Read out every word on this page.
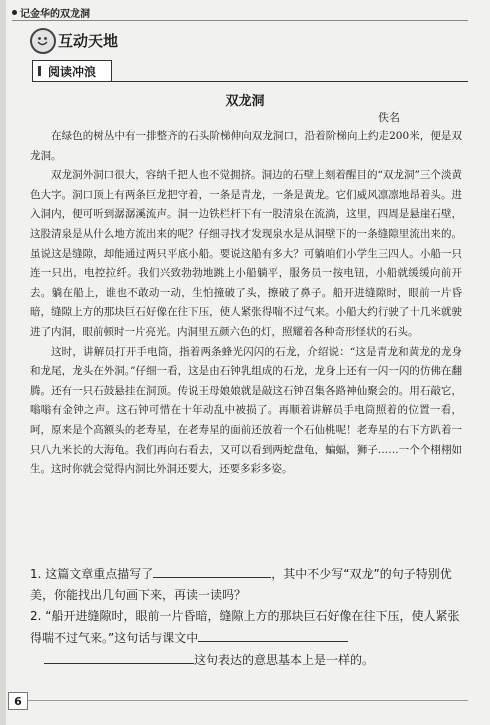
记金华的双龙洞
互动天地
阅读冲浪
双龙洞
佚名

在绿色的树丛中有一排整齐的石头阶梯伸向双龙洞口，沿着阶梯向上约走200米，便是双龙洞。

双龙洞外洞口很大，容纳千把人也不觉拥挤。洞边的石壁上刻着醒目的“双龙洞”三个淡黄色大字。洞口顶上有两条巨龙把守着，一条是青龙，一条是黄龙。它们威风凛凛地昂着头。进入洞内，便可听到潺潺溪流声。洞一边铁栏杆下有一股清泉在流淌，这里，四周是悬崖石壁，这股清泉是从什么地方流出来的呢？仔细寻找才发现泉水是从洞壁下的一条缝隙里流出来的。虽说这是缝隙，却能通过两只平底小船。要说这船有多大？可躺咱们小学生三四人。小船一只连一只出，电控拉纤。我们兴致勃勃地跳上小船躺平，服务员一按电钮，小船就缓缓向前开去。躺在船上，谁也不敢动一动，生怕撞破了头，擦破了鼻子。船开进缝隙时，眼前一片昏暗，缝隙上方的那块巨石好像在往下压，使人紧张得喘不过气来。小船大约行驶了十几米就驶进了内洞，眼前顿时一片亮光。内洞里五颜六色的灯，照耀着各种奇形怪状的石头。

这时，讲解员打开手电筒，指着两条蜂光闪闪的石龙，介绍说：“这是青龙和黄龙的龙身和龙尾，龙头在外洞。”仔细一看，这是由石钟乳组成的石龙，龙身上还有一闪一闪的仿佛在翻腾。还有一只石鼓悬挂在洞顶。传说王母娘娘就是敲这石钟召集各路神仙聚会的。用石敲它，嗡嗡有金钟之声。这石钟可惜在十年动乱中被损了。再顺着讲解员手电筒照着的位置一看，呵，原来是个高额头的老寿星，在老寿星的面前还放着一个石仙桃呢！老寿星的右下方趴着一只八九米长的大海龟。我们再向右看去，又可以看到两蛇盘龟，蝙蝠，狮子……一个个栩栩如生。这时你就会觉得内洞比外洞还要大，还要多彩多姿。

1. 这篇文章重点描写了	，其中不少写“双龙”的句子特别优美，你能找出几句画下来，再读一读吗？

2. “船开进缝隙时，眼前一片昏暗，缝隙上方的那块巨石好像在往下压，使人紧张得喘不过气来。”这句话与课文中

这句表达的意思基本上是一样的。

6
